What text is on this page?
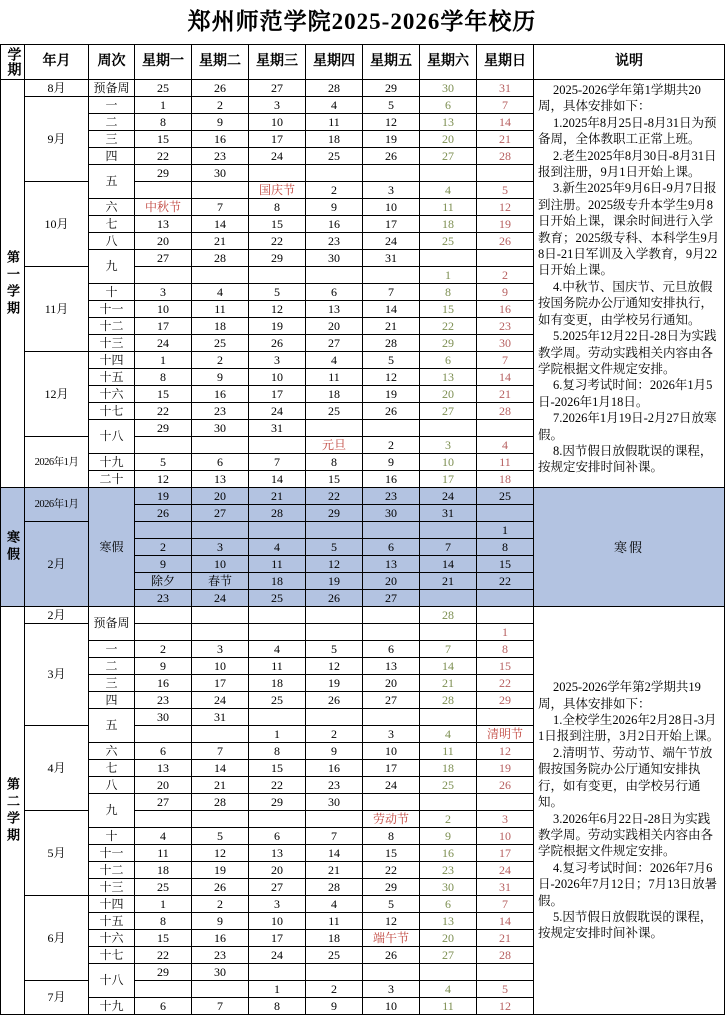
郑州师范学院2025-2026学年校历
学期	年月	周次	星期一	星期二	星期三	星期四	星期五	星期六	星期日	说明
第一学期	8月	预备周	25	26	27	28	29	30	31	2025-2026学年第1学期共20周，具体安排如下：

1.2025年8月25日-8月31日为预备周，全体教职工正常上班。

2.老生2025年8月30日-8月31日报到注册，9月1日开始上课。

3.新生2025年9月6日-9月7日报到注册。2025级专升本学生9月8日开始上课，课余时间进行入学教育；2025级专科、本科学生9月8日-21日军训及入学教育，9月22日开始上课。

4.中秋节、国庆节、元旦放假按国务院办公厅通知安排执行，如有变更，由学校另行通知。

5.2025年12月22日-28日为实践教学周。劳动实践相关内容由各学院根据文件规定安排。

6.复习考试时间：2026年1月5日-2026年1月18日。

7.2026年1月19日-2月27日放寒假。

8.因节假日放假耽误的课程，按规定安排时间补课。

	9月	一	1	2	3	4	5	6	7	
		二	8	9	10	11	12	13	14	
		三	15	16	17	18	19	20	21	
		四	22	23	24	25	26	27	28	
		五	29	30						
	10月				国庆节	2	3	4	5	
		六	中秋节	7	8	9	10	11	12	
		七	13	14	15	16	17	18	19	
		八	20	21	22	23	24	25	26	
		九	27	28	29	30	31			
	11月							1	2	
		十	3	4	5	6	7	8	9	
		十一	10	11	12	13	14	15	16	
		十二	17	18	19	20	21	22	23	
		十三	24	25	26	27	28	29	30	
	12月	十四	1	2	3	4	5	6	7	
		十五	8	9	10	11	12	13	14	
		十六	15	16	17	18	19	20	21	
		十七	22	23	24	25	26	27	28	
		十八	29	30	31					
	2026年1月					元旦	2	3	4	
		十九	5	6	7	8	9	10	11	
		二十	12	13	14	15	16	17	18	
寒假	2026年1月	寒假	19	20	21	22	23	24	25	寒假
			26	27	28	29	30	31		
	2月								1	
			2	3	4	5	6	7	8	
			9	10	11	12	13	14	15	
			除夕	春节	18	19	20	21	22	
			23	24	25	26	27			
第二学期	2月	预备周						28		

2025-2026学年第2学期共19周，具体安排如下：

1.全校学生2026年2月28日-3月1日报到注册，3月2日开始上课。

2.清明节、劳动节、端午节放假按国务院办公厅通知安排执行，如有变更，由学校另行通知。

3.2026年6月22日-28日为实践教学周。劳动实践相关内容由各学院根据文件规定安排。

4.复习考试时间：2026年7月6日-2026年7月12日；7月13日放暑假。

5.因节假日放假耽误的课程，按规定安排时间补课。

	3月								1	
		一	2	3	4	5	6	7	8	
		二	9	10	11	12	13	14	15	
		三	16	17	18	19	20	21	22	
		四	23	24	25	26	27	28	29	
		五	30	31						
	4月				1	2	3	4	清明节	
		六	6	7	8	9	10	11	12	
		七	13	14	15	16	17	18	19	
		八	20	21	22	23	24	25	26	
		九	27	28	29	30				
	5月						劳动节	2	3	
		十	4	5	6	7	8	9	10	
		十一	11	12	13	14	15	16	17	
		十二	18	19	20	21	22	23	24	
		十三	25	26	27	28	29	30	31	
	6月	十四	1	2	3	4	5	6	7	
		十五	8	9	10	11	12	13	14	
		十六	15	16	17	18	端午节	20	21	
		十七	22	23	24	25	26	27	28	
		十八	29	30						
	7月				1	2	3	4	5	
		十九	6	7	8	9	10	11	12	
